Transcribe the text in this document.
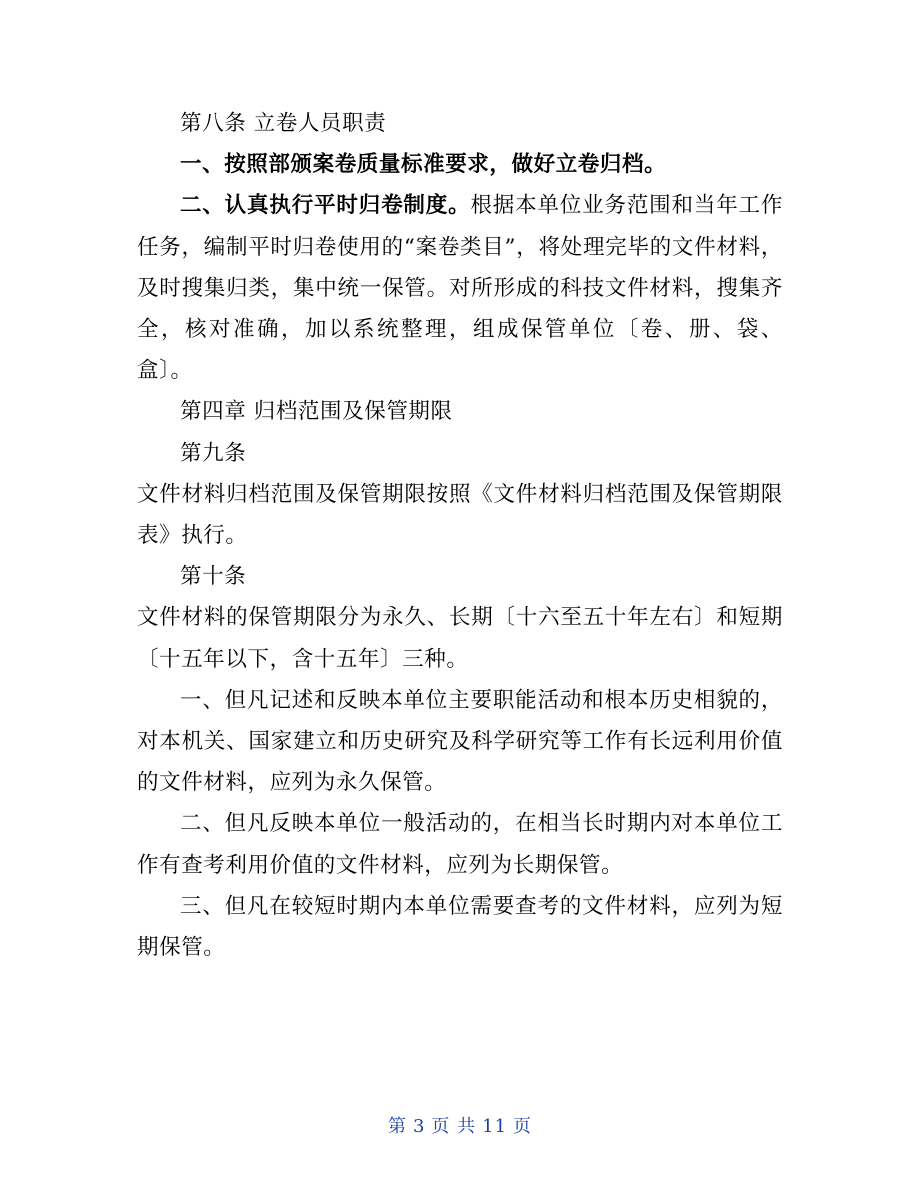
第八条 立卷人员职责

一、按照部颁案卷质量标准要求，做好立卷归档。

二、认真执行平时归卷制度。根据本单位业务范围和当年工作任务，编制平时归卷使用的“案卷类目”，将处理完毕的文件材料，及时搜集归类，集中统一保管。对所形成的科技文件材料，搜集齐全，核对准确，加以系统整理，组成保管单位〔卷、册、袋、盒〕。

第四章 归档范围及保管期限

第九条

文件材料归档范围及保管期限按照《文件材料归档范围及保管期限表》执行。

第十条

文件材料的保管期限分为永久、长期〔十六至五十年左右〕和短期〔十五年以下，含十五年〕三种。

一、但凡记述和反映本单位主要职能活动和根本历史相貌的，对本机关、国家建立和历史研究及科学研究等工作有长远利用价值的文件材料，应列为永久保管。

二、但凡反映本单位一般活动的，在相当长时期内对本单位工作有查考利用价值的文件材料，应列为长期保管。

三、但凡在较短时期内本单位需要查考的文件材料，应列为短期保管。

第 3 页 共 11 页
